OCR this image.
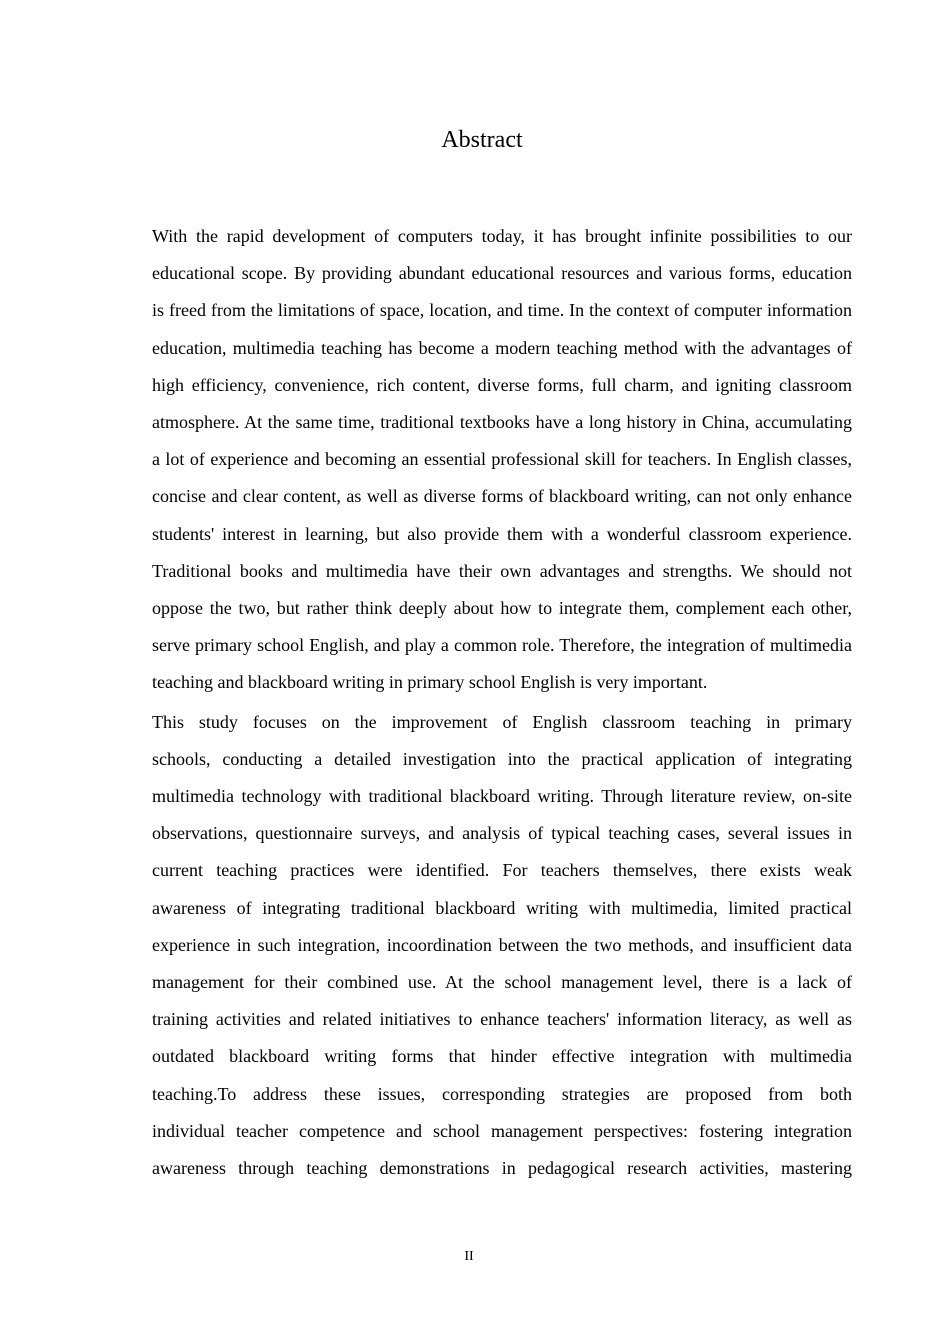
Abstract
With the rapid development of computers today, it has brought infinite possibilities to our
educational scope. By providing abundant educational resources and various forms, education
is freed from the limitations of space, location, and time. In the context of computer information
education, multimedia teaching has become a modern teaching method with the advantages of
high efficiency, convenience, rich content, diverse forms, full charm, and igniting classroom
atmosphere. At the same time, traditional textbooks have a long history in China, accumulating
a lot of experience and becoming an essential professional skill for teachers. In English classes,
concise and clear content, as well as diverse forms of blackboard writing, can not only enhance
students' interest in learning, but also provide them with a wonderful classroom experience.
Traditional books and multimedia have their own advantages and strengths. We should not
oppose the two, but rather think deeply about how to integrate them, complement each other,
serve primary school English, and play a common role. Therefore, the integration of multimedia
teaching and blackboard writing in primary school English is very important.
This study focuses on the improvement of English classroom teaching in primary
schools, conducting a detailed investigation into the practical application of integrating
multimedia technology with traditional blackboard writing. Through literature review, on-site
observations, questionnaire surveys, and analysis of typical teaching cases, several issues in
current teaching practices were identified. For teachers themselves, there exists weak
awareness of integrating traditional blackboard writing with multimedia, limited practical
experience in such integration, incoordination between the two methods, and insufficient data
management for their combined use. At the school management level, there is a lack of
training activities and related initiatives to enhance teachers' information literacy, as well as
outdated blackboard writing forms that hinder effective integration with multimedia
teaching.To address these issues, corresponding strategies are proposed from both
individual teacher competence and school management perspectives: fostering integration
awareness through teaching demonstrations in pedagogical research activities, mastering
II
